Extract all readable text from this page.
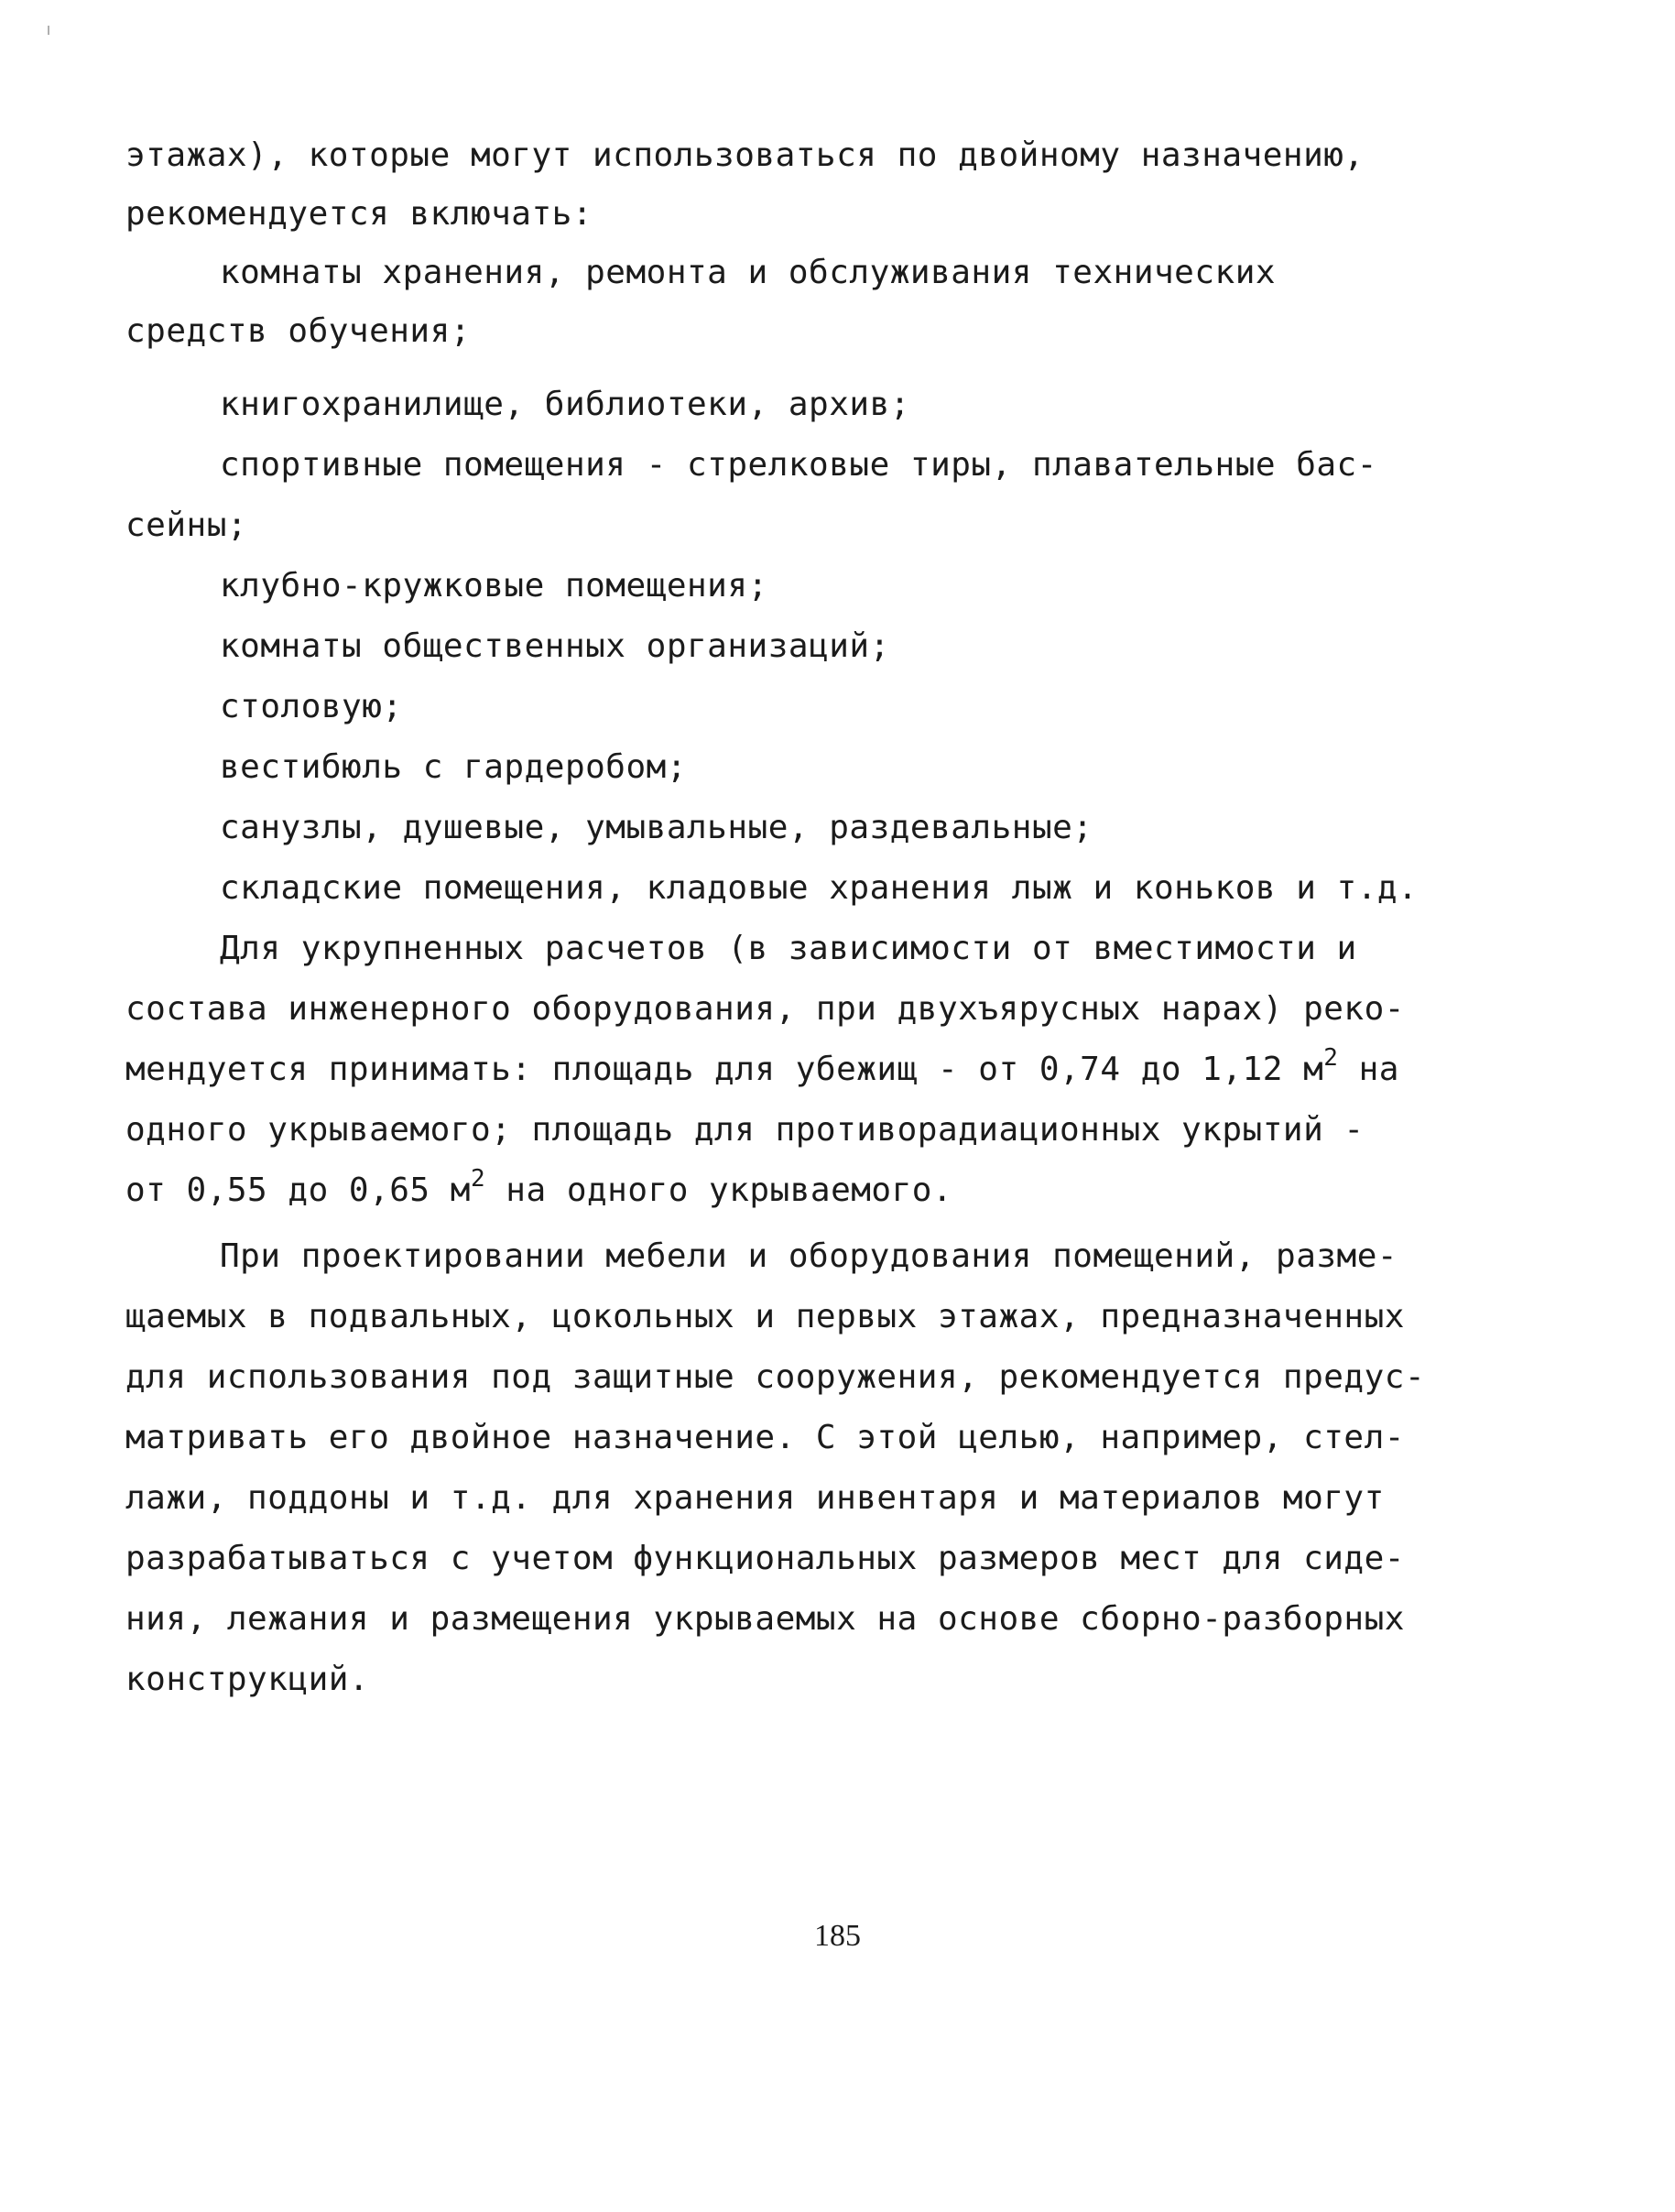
этажах), которые могут использоваться по двойному назначению,
рекомендуется включать:
комнаты хранения, ремонта и обслуживания технических
средств обучения;
книгохранилище, библиотеки, архив;
спортивные помещения - стрелковые тиры, плавательные бас-
сейны;
клубно-кружковые помещения;
комнаты общественных организаций;
столовую;
вестибюль с гардеробом;
санузлы, душевые, умывальные, раздевальные;
складские помещения, кладовые хранения лыж и коньков и т.д.
Для укрупненных расчетов (в зависимости от вместимости и
состава инженерного оборудования, при двухъярусных нарах) реко-
мендуется принимать: площадь для убежищ - от 0,74 до 1,12 $м^2$ на
одного укрываемого; площадь для противорадиационных укрытий -
от 0,55 до 0,65 $м^2$ на одного укрываемого.
При проектировании мебели и оборудования помещений, разме-
щаемых в подвальных, цокольных и первых этажах, предназначенных
для использования под защитные сооружения, рекомендуется предус-
матривать его двойное назначение. С этой целью, например, стел-
лажи, поддоны и т.д. для хранения инвентаря и материалов могут
разрабатываться с учетом функциональных размеров мест для сиде-
ния, лежания и размещения укрываемых на основе сборно-разборных
конструкций.
185
